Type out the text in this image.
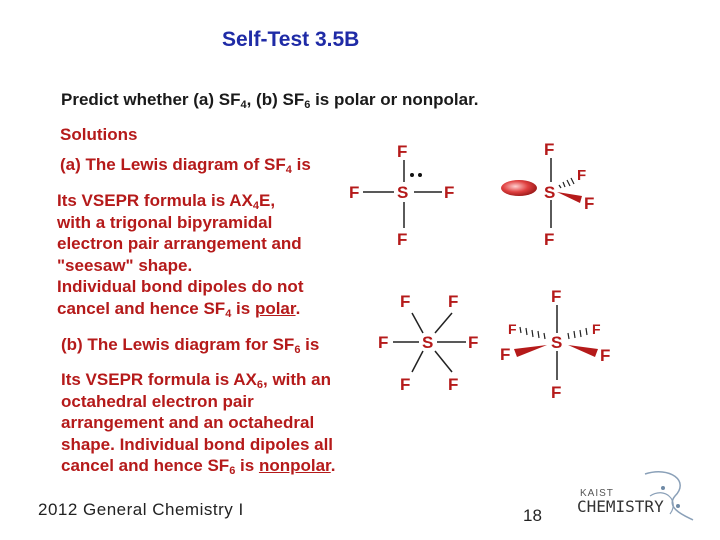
Self-Test 3.5B
Predict whether (a) $SF_4$, (b) $SF_6$ is polar or nonpolar.
Solutions
(a) The Lewis diagram of $SF_4$ is
Its VSEPR formula is $AX_4E$,
with a trigonal bipyramidal
electron pair arrangement and
"seesaw" shape.
Individual bond dipoles do not
cancel and hence $SF_4$ is polar.
(b) The Lewis diagram for $SF_6$ is
Its VSEPR formula is $AX_6$, with an
octahedral electron pair
arrangement and an octahedral
shape. Individual bond dipoles all
cancel and hence $SF_6$ is nonpolar.
S
F
F
F	F	S
F
F
F
F
S
F F
F	F
F F
S
F
F
F	F
F	F
2012 General Chemistry I	18
KAIST
CHEMISTRY
